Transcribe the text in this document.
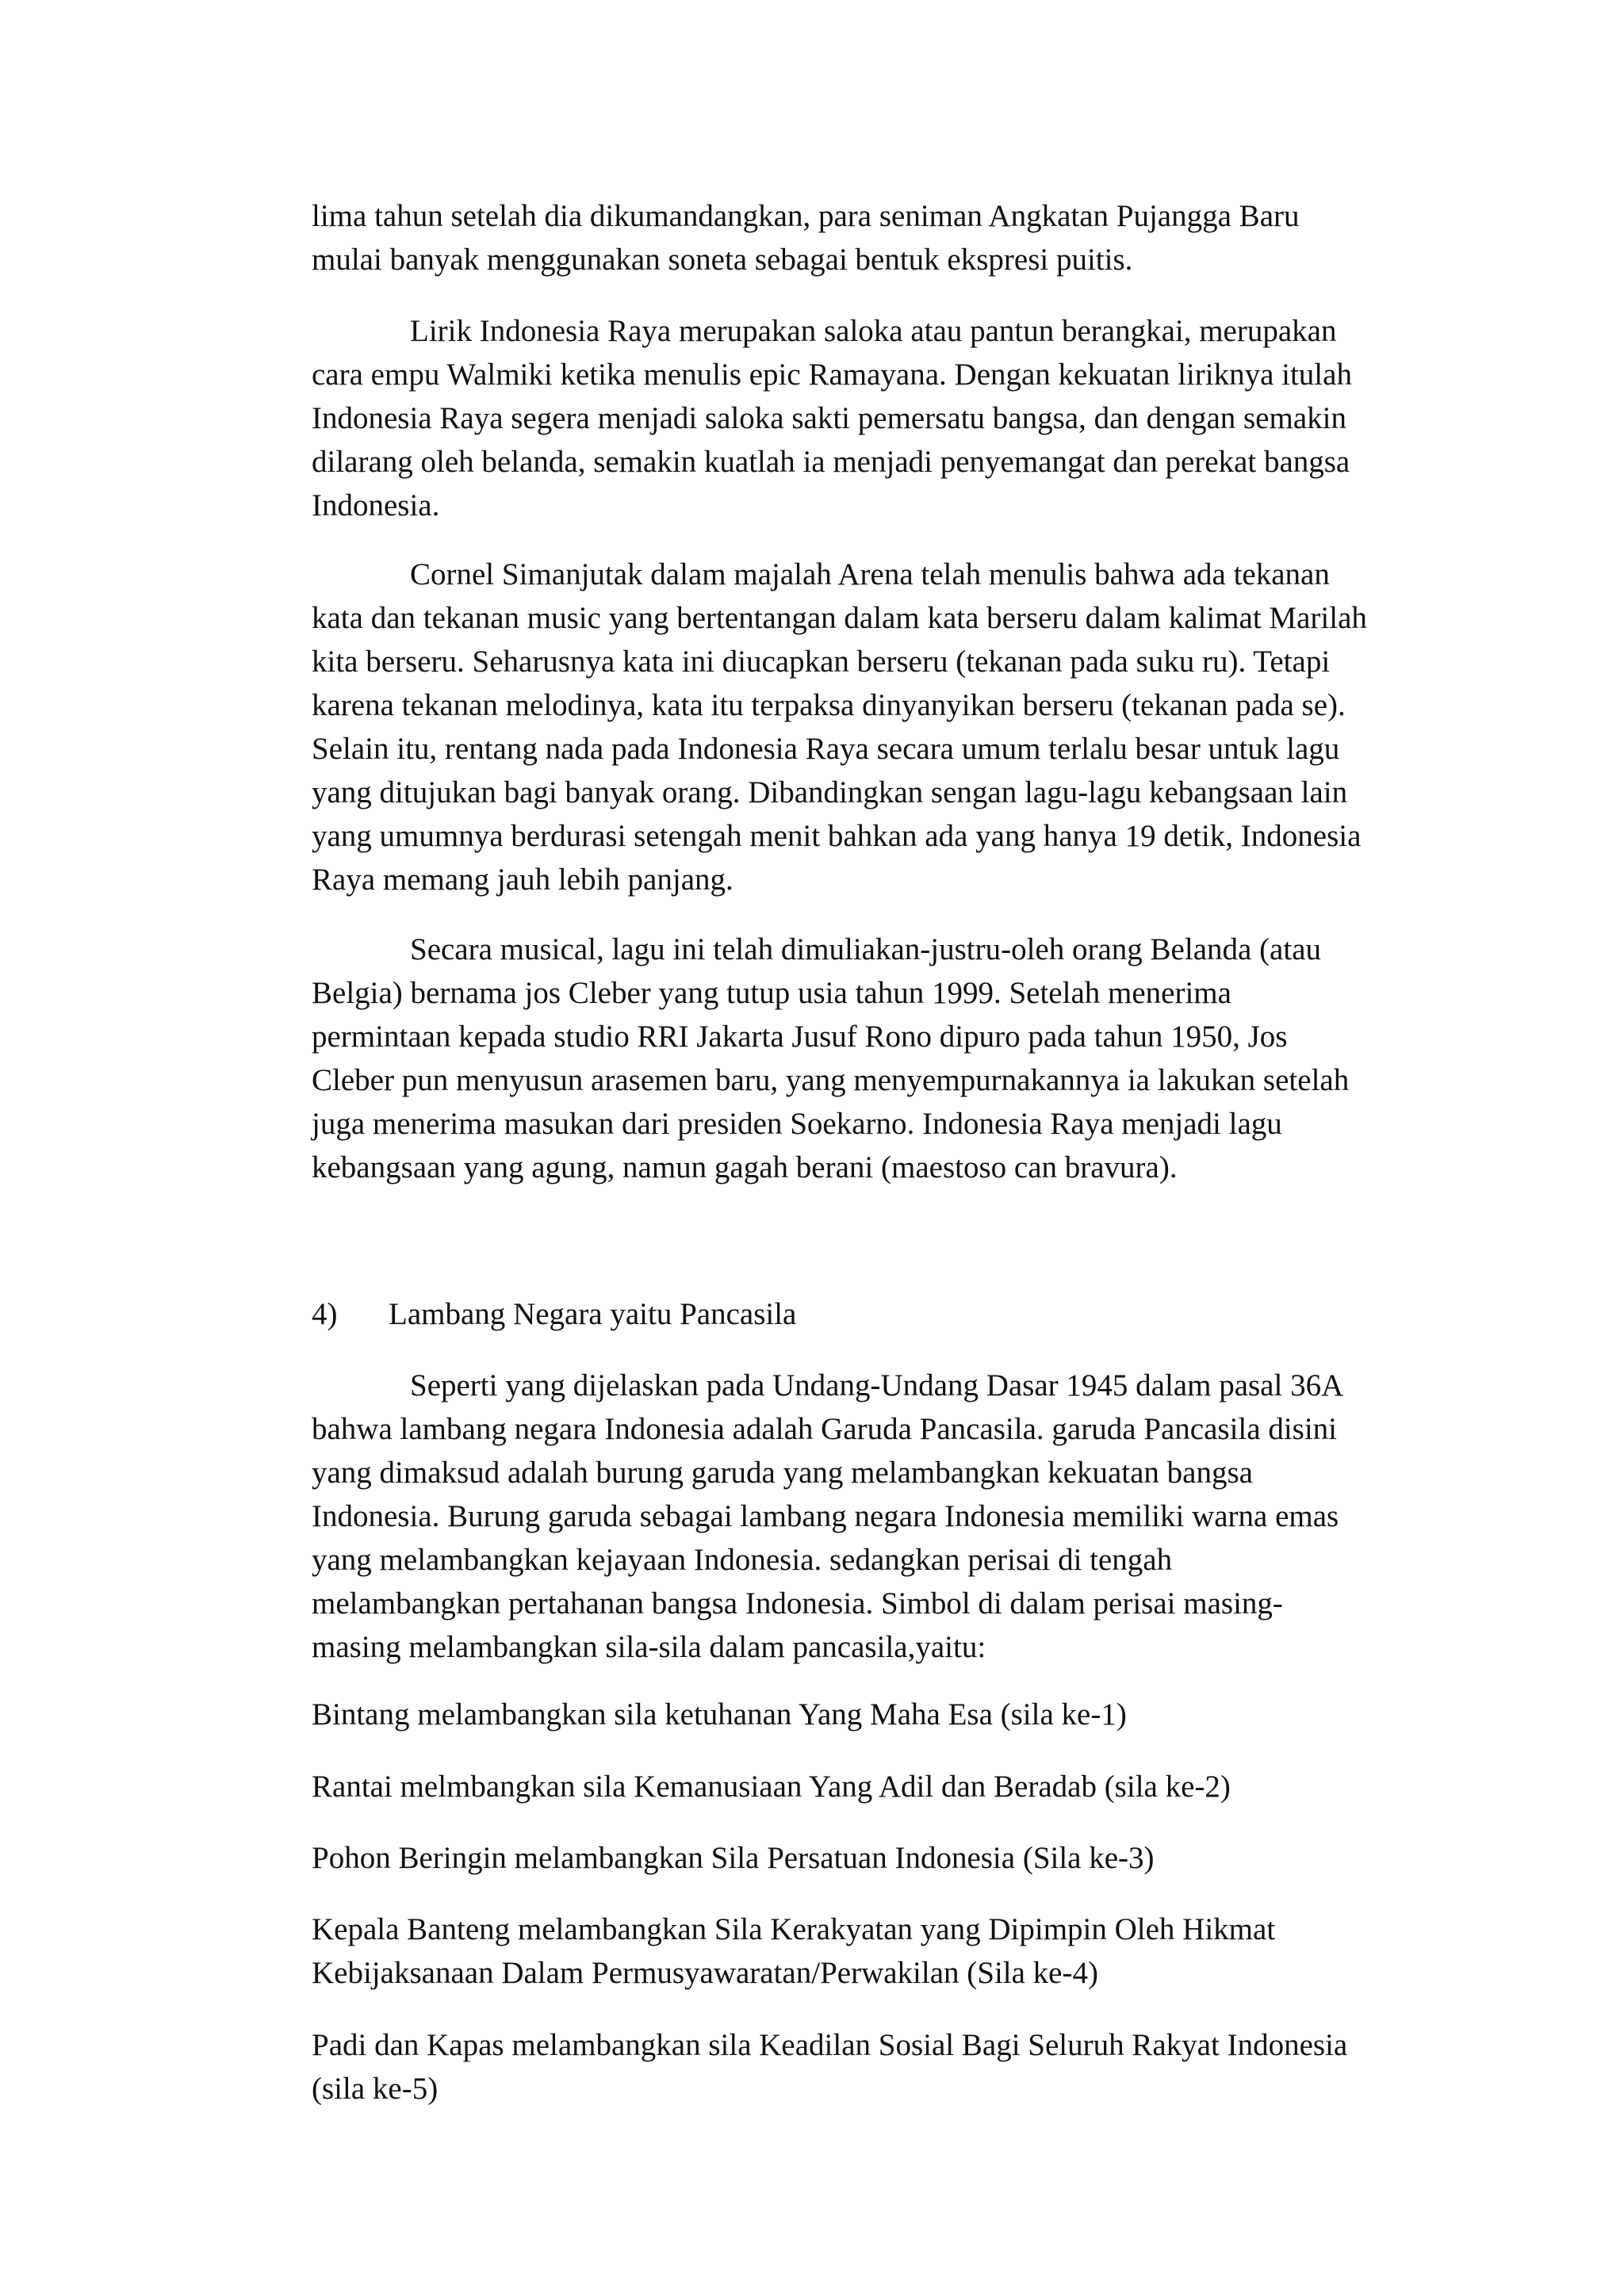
lima tahun setelah dia dikumandangkan, para seniman Angkatan Pujangga Baru
mulai banyak menggunakan soneta sebagai bentuk ekspresi puitis.

Lirik Indonesia Raya merupakan saloka atau pantun berangkai, merupakan
cara empu Walmiki ketika menulis epic Ramayana. Dengan kekuatan liriknya itulah
Indonesia Raya segera menjadi saloka sakti pemersatu bangsa, dan dengan semakin
dilarang oleh belanda, semakin kuatlah ia menjadi penyemangat dan perekat bangsa
Indonesia.

Cornel Simanjutak dalam majalah Arena telah menulis bahwa ada tekanan
kata dan tekanan music yang bertentangan dalam kata berseru dalam kalimat Marilah
kita berseru. Seharusnya kata ini diucapkan berseru (tekanan pada suku ru). Tetapi
karena tekanan melodinya, kata itu terpaksa dinyanyikan berseru (tekanan pada se).
Selain itu, rentang nada pada Indonesia Raya secara umum terlalu besar untuk lagu
yang ditujukan bagi banyak orang. Dibandingkan sengan lagu-lagu kebangsaan lain
yang umumnya berdurasi setengah menit bahkan ada yang hanya 19 detik, Indonesia
Raya memang jauh lebih panjang.

Secara musical, lagu ini telah dimuliakan-justru-oleh orang Belanda (atau
Belgia) bernama jos Cleber yang tutup usia tahun 1999. Setelah menerima
permintaan kepada studio RRI Jakarta Jusuf Rono dipuro pada tahun 1950, Jos
Cleber pun menyusun arasemen baru, yang menyempurnakannya ia lakukan setelah
juga menerima masukan dari presiden Soekarno. Indonesia Raya menjadi lagu
kebangsaan yang agung, namun gagah berani (maestoso can bravura).

4) Lambang Negara yaitu Pancasila

Seperti yang dijelaskan pada Undang-Undang Dasar 1945 dalam pasal 36A
bahwa lambang negara Indonesia adalah Garuda Pancasila. garuda Pancasila disini
yang dimaksud adalah burung garuda yang melambangkan kekuatan bangsa
Indonesia. Burung garuda sebagai lambang negara Indonesia memiliki warna emas
yang melambangkan kejayaan Indonesia. sedangkan perisai di tengah
melambangkan pertahanan bangsa Indonesia. Simbol di dalam perisai masing-
masing melambangkan sila-sila dalam pancasila,yaitu:

Bintang melambangkan sila ketuhanan Yang Maha Esa (sila ke-1)

Rantai melmbangkan sila Kemanusiaan Yang Adil dan Beradab (sila ke-2)

Pohon Beringin melambangkan Sila Persatuan Indonesia (Sila ke-3)

Kepala Banteng melambangkan Sila Kerakyatan yang Dipimpin Oleh Hikmat
Kebijaksanaan Dalam Permusyawaratan/Perwakilan (Sila ke-4)

Padi dan Kapas melambangkan sila Keadilan Sosial Bagi Seluruh Rakyat Indonesia
(sila ke-5)
